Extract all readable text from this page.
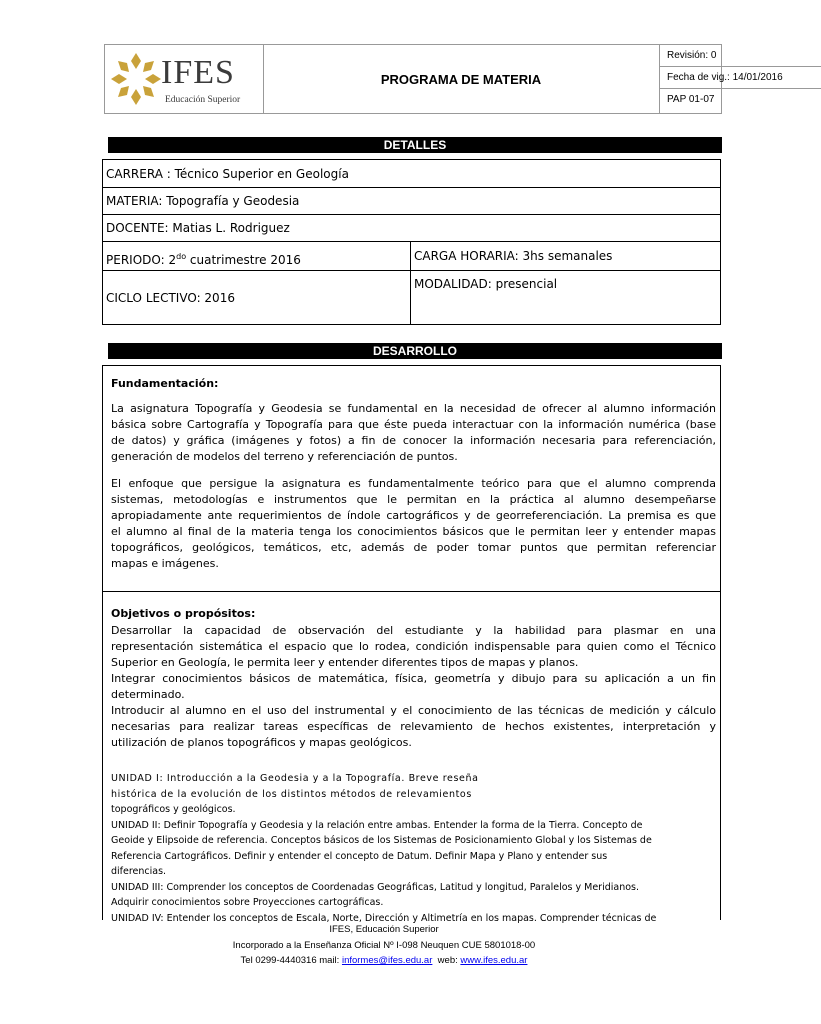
IFES
Educación Superior
PROGRAMA DE MATERIA
Revisión: 0
Fecha de vig.: 14/01/2016
PAP 01-07
DETALLES
CARRERA : Técnico Superior en Geología
MATERIA: Topografía y Geodesia
DOCENTE: Matias L. Rodriguez
PERIODO: $2^{do}$ cuatrimestre 2016	CARGA HORARIA: 3hs semanales
CICLO LECTIVO: 2016
MODALIDAD: presencial
DESARROLLO
Fundamentación:
La asignatura Topografía y Geodesia se fundamental en la necesidad de ofrecer al alumno información
básica sobre Cartografía y Topografía para que éste pueda interactuar con la información numérica (base
de datos) y gráfica (imágenes y fotos) a fin de conocer la información necesaria para referenciación,
generación de modelos del terreno y referenciación de puntos.
El enfoque que persigue la asignatura es fundamentalmente teórico para que el alumno comprenda
sistemas, metodologías e instrumentos que le permitan en la práctica al alumno desempeñarse
apropiadamente ante requerimientos de índole cartográficos y de georreferenciación. La premisa es que
el alumno al final de la materia tenga los conocimientos básicos que le permitan leer y entender mapas
topográficos, geológicos, temáticos, etc, además de poder tomar puntos que permitan referenciar
mapas e imágenes.
Objetivos o propósitos:
Desarrollar la capacidad de observación del estudiante y la habilidad para plasmar en una
representación sistemática el espacio que lo rodea, condición indispensable para quien como el Técnico
Superior en Geología, le permita leer y entender diferentes tipos de mapas y planos.
Integrar conocimientos básicos de matemática, física, geometría y dibujo para su aplicación a un fin
determinado.
Introducir al alumno en el uso del instrumental y el conocimiento de las técnicas de medición y cálculo
necesarias para realizar tareas específicas de relevamiento de hechos existentes, interpretación y
utilización de planos topográficos y mapas geológicos.
UNIDAD I: Introducción a la Geodesia y a la Topografía. Breve reseña
histórica de la evolución de los distintos métodos de relevamientos
topográficos y geológicos.
UNIDAD II: Definir Topografía y Geodesia y la relación entre ambas. Entender la forma de la Tierra. Concepto de
Geoide y Elipsoide de referencia. Conceptos básicos de los Sistemas de Posicionamiento Global y los Sistemas de
Referencia Cartográficos. Definir y entender el concepto de Datum. Definir Mapa y Plano y entender sus
diferencias.
UNIDAD III: Comprender los conceptos de Coordenadas Geográficas, Latitud y longitud, Paralelos y Meridianos.
Adquirir conocimientos sobre Proyecciones cartográficas.
UNIDAD IV: Entender los conceptos de Escala, Norte, Dirección y Altimetría en los mapas. Comprender técnicas de
IFES, Educación Superior
Incorporado a la Enseñanza Oficial Nº I-098 Neuquen CUE 5801018-00
Tel 0299-4440316 mail: informes@ifes.edu.ar  web: www.ifes.edu.ar
